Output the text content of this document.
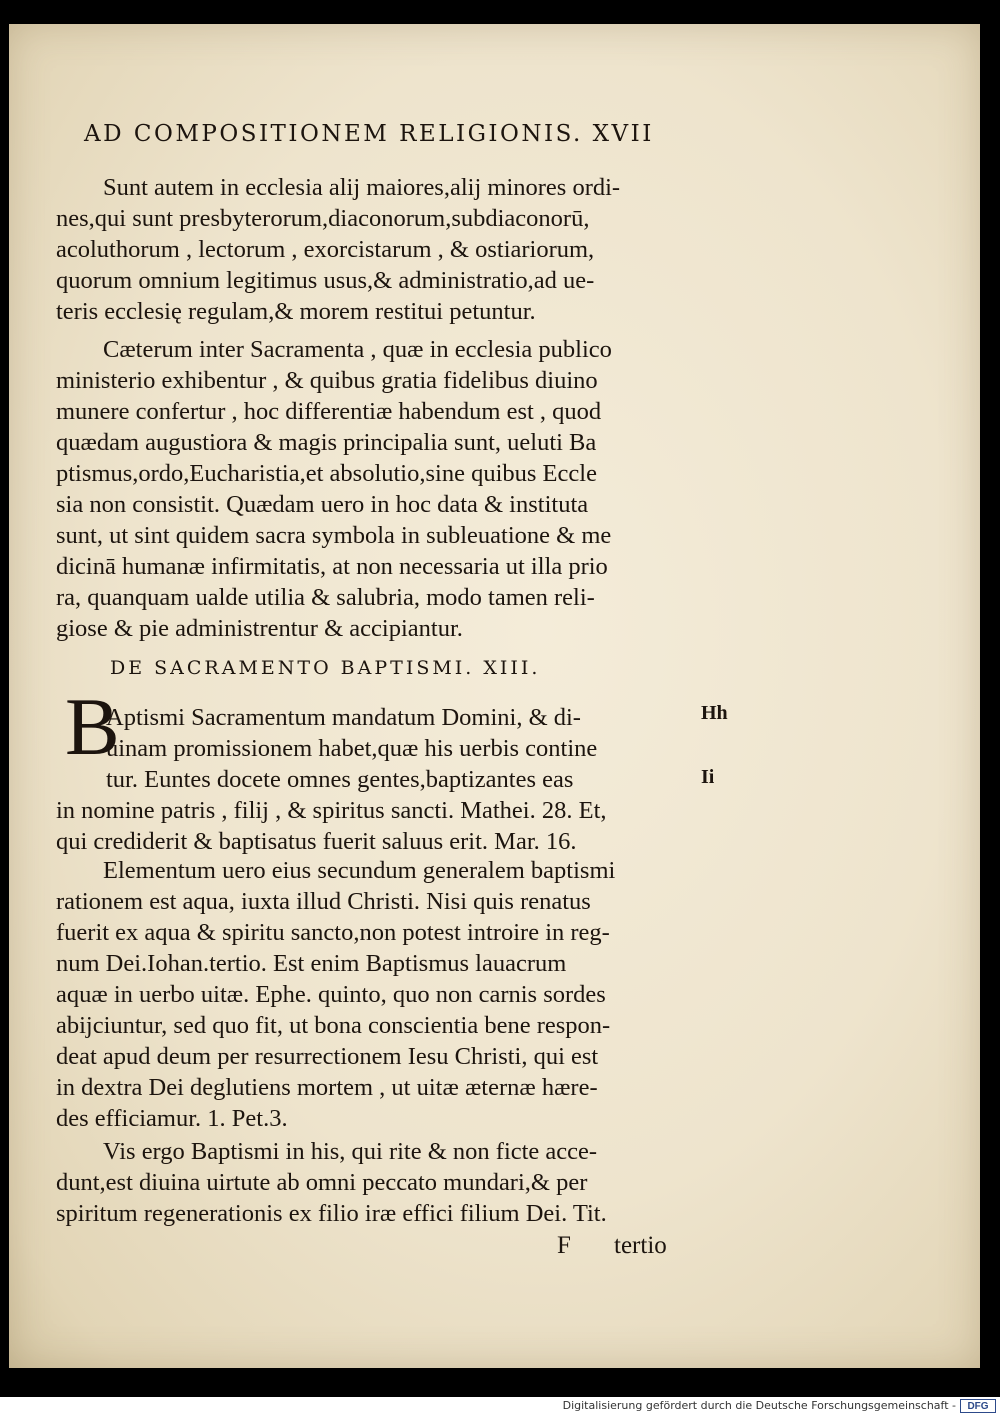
AD COMPOSITIONEM RELIGIONIS. XVII
Sunt autem in ecclesia alij maiores,alij minores ordi-
nes,qui sunt presbyterorum,diaconorum,subdiaconorū,
acoluthorum , lectorum , exorcistarum , & ostiariorum,
quorum omnium legitimus usus,& administratio,ad ue-
teris ecclesię regulam,& morem restitui petuntur.
Cæterum inter Sacramenta , quæ in ecclesia publico
ministerio exhibentur , & quibus gratia fidelibus diuino
munere confertur , hoc differentiæ habendum est , quod
quædam augustiora & magis principalia sunt, ueluti Ba
ptismus,ordo,Eucharistia,et absolutio,sine quibus Eccle
sia non consistit. Quædam uero in hoc data & instituta
sunt, ut sint quidem sacra symbola in subleuatione & me
dicinā humanæ infirmitatis, at non necessaria ut illa prio
ra, quanquam ualde utilia & salubria, modo tamen reli-
giose & pie administrentur & accipiantur.
DE SACRAMENTO BAPTISMI. XIII.
B
Aptismi Sacramentum mandatum Domini, & di-
uinam promissionem habet,quæ his uerbis contine
tur. Euntes docete omnes gentes,baptizantes eas
in nomine patris , filij , & spiritus sancti. Mathei. 28. Et,
qui crediderit & baptisatus fuerit saluus erit. Mar. 16.
Elementum uero eius secundum generalem baptismi
rationem est aqua, iuxta illud Christi. Nisi quis renatus
fuerit ex aqua & spiritu sancto,non potest introire in reg-
num Dei.Iohan.tertio. Est enim Baptismus lauacrum
aquæ in uerbo uitæ. Ephe. quinto, quo non carnis sordes
abijciuntur, sed quo fit, ut bona conscientia bene respon-
deat apud deum per resurrectionem Iesu Christi, qui est
in dextra Dei deglutiens mortem , ut uitæ æternæ hære-
des efficiamur. 1. Pet.3.
Vis ergo Baptismi in his, qui rite & non ficte acce-
dunt,est diuina uirtute ab omni peccato mundari,& per
spiritum regenerationis ex filio iræ effici filium Dei. Tit.
Hh
Ii
F	tertio
Digitalisierung gefördert durch die Deutsche Forschungsgemeinschaft -	DFG
